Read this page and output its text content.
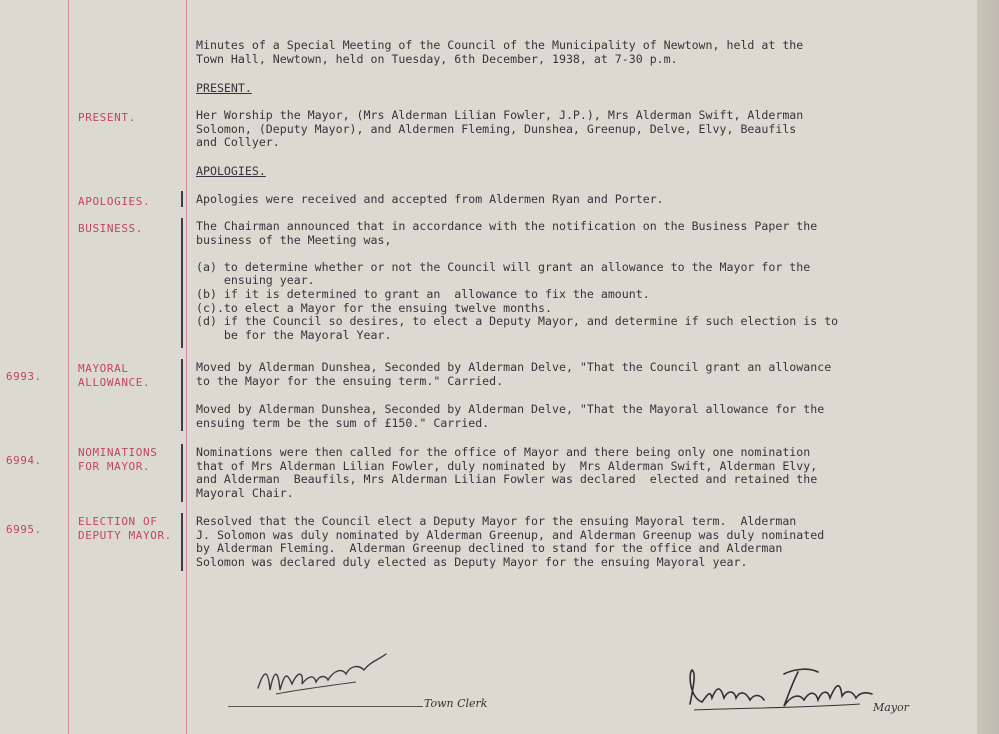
Minutes of a Special Meeting of the Council of the Municipality of Newtown, held at the
Town Hall, Newtown, held on Tuesday, 6th December, 1938, at 7-30 p.m.
PRESENT.
PRESENT.	Her Worship the Mayor, (Mrs Alderman Lilian Fowler, J.P.), Mrs Alderman Swift, Alderman
Solomon, (Deputy Mayor), and Aldermen Fleming, Dunshea, Greenup, Delve, Elvy, Beaufils
and Collyer.
APOLOGIES.
APOLOGIES.	Apologies were received and accepted from Aldermen Ryan and Porter.
BUSINESS.	The Chairman announced that in accordance with the notification on the Business Paper the
business of the Meeting was,

(a) to determine whether or not the Council will grant an allowance to the Mayor for the
ensuing year.
(b) if it is determined to grant an  allowance to fix the amount.
(c).to elect a Mayor for the ensuing twelve months.
(d) if the Council so desires, to elect a Deputy Mayor, and determine if such election is to
be for the Mayoral Year.
6993.
MAYORAL
ALLOWANCE.
Moved by Alderman Dunshea, Seconded by Alderman Delve, "That the Council grant an allowance
to the Mayor for the ensuing term." Carried.
Moved by Alderman Dunshea, Seconded by Alderman Delve, "That the Mayoral allowance for the
ensuing term be the sum of £150." Carried.
6994.
NOMINATIONS
FOR MAYOR.
Nominations were then called for the office of Mayor and there being only one nomination
that of Mrs Alderman Lilian Fowler, duly nominated by  Mrs Alderman Swift, Alderman Elvy,
and Alderman  Beaufils, Mrs Alderman Lilian Fowler was declared  elected and retained the
Mayoral Chair.
6995.
ELECTION OF
DEPUTY MAYOR.
Resolved that the Council elect a Deputy Mayor for the ensuing Mayoral term.  Alderman
J. Solomon was duly nominated by Alderman Greenup, and Alderman Greenup was duly nominated
by Alderman Fleming.  Alderman Greenup declined to stand for the office and Alderman
Solomon was declared duly elected as Deputy Mayor for the ensuing Mayoral year.
Town Clerk	Mayor
